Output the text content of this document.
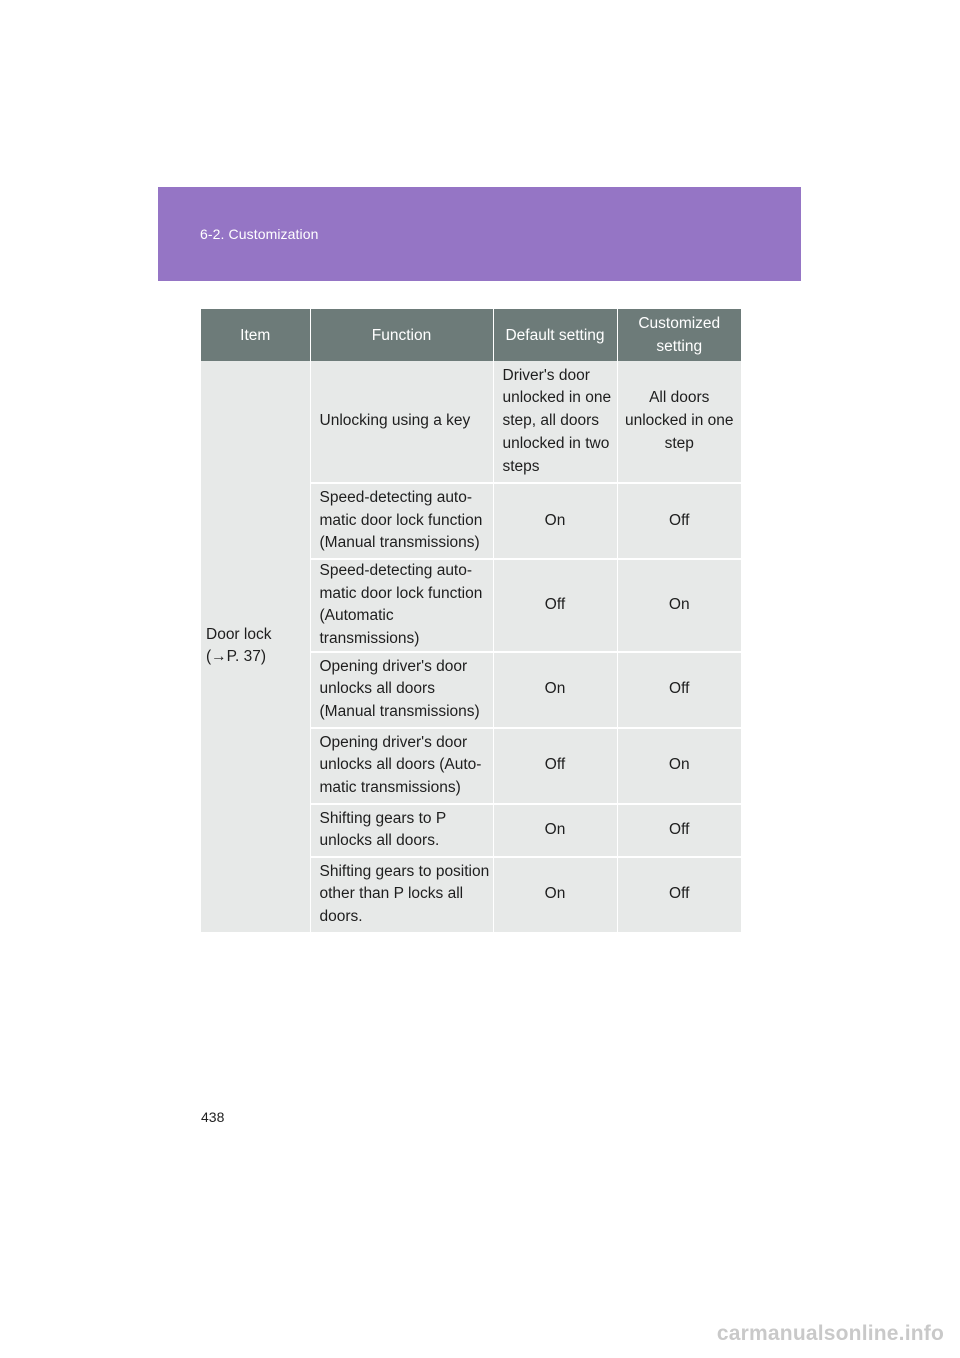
6-2. Customization
Item	Function	Default setting	Customized setting

Door lock
(→P. 37)	Unlocking using a key	Driver's door unlocked in one step, all doors unlocked in two steps	All doors unlocked in one step
	Speed-detecting auto-matic door lock function (Manual transmissions)	On	Off
	Speed-detecting auto-matic door lock function (Automatic transmissions)	Off	On
	Opening driver's door unlocks all doors (Manual transmissions)	On	Off
	Opening driver's door unlocks all doors (Auto-matic transmissions)	Off	On
	Shifting gears to P unlocks all doors.	On	Off
	Shifting gears to position other than P locks all doors.	On	Off
438
carmanualsonline.info
